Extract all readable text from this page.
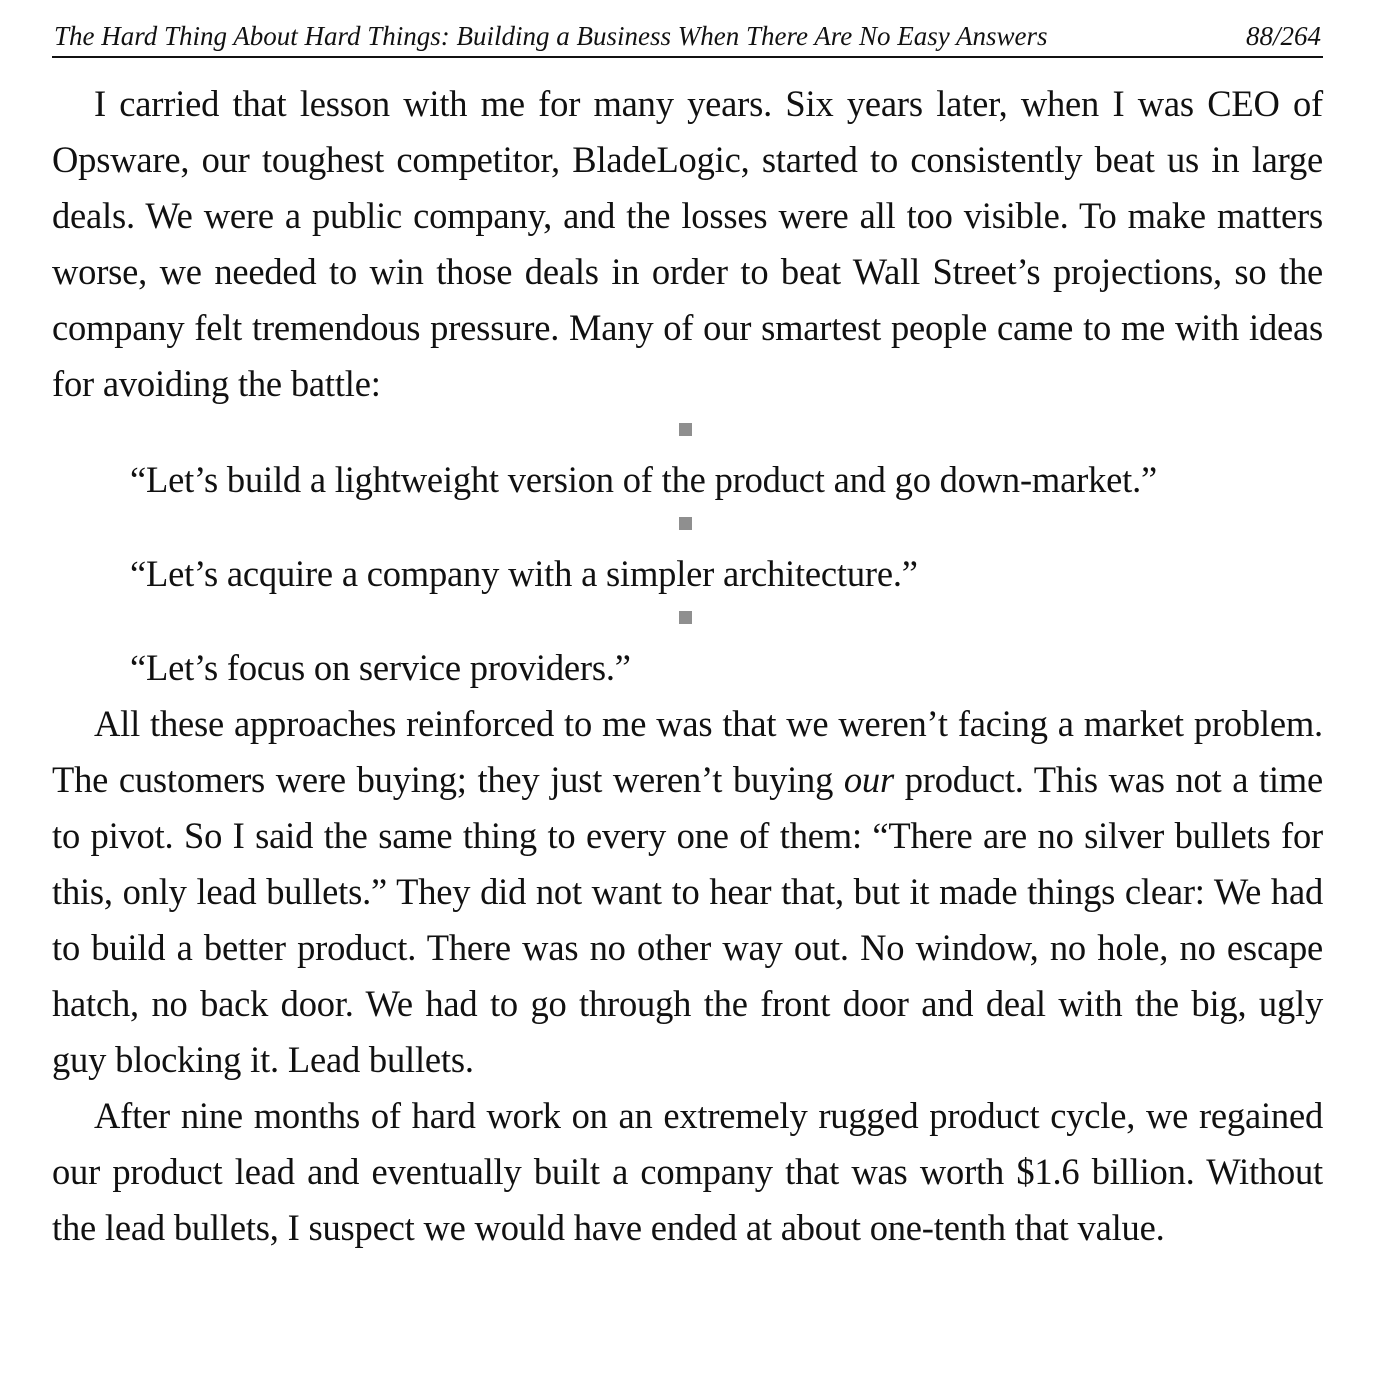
The Hard Thing About Hard Things: Building a Business When There Are No Easy Answers	88/264

I carried that lesson with me for many years. Six years later, when I was CEO of Opsware, our toughest competitor, BladeLogic, started to consistently beat us in large deals. We were a public company, and the losses were all too visible. To make matters worse, we needed to win those deals in order to beat Wall Street’s projections, so the company felt tremendous pressure. Many of our smartest people came to me with ideas for avoiding the battle:

“Let’s build a lightweight version of the product and go down-market.”
“Let’s acquire a company with a simpler architecture.”
“Let’s focus on service providers.”

All these approaches reinforced to me was that we weren’t facing a market problem. The customers were buying; they just weren’t buying our product. This was not a time to pivot. So I said the same thing to every one of them: “There are no silver bullets for this, only lead bullets.” They did not want to hear that, but it made things clear: We had to build a better product. There was no other way out. No window, no hole, no escape hatch, no back door. We had to go through the front door and deal with the big, ugly guy blocking it. Lead bullets.

After nine months of hard work on an extremely rugged product cycle, we regained our product lead and eventually built a company that was worth $1.6 billion. Without the lead bullets, I suspect we would have ended at about one-tenth that value.
